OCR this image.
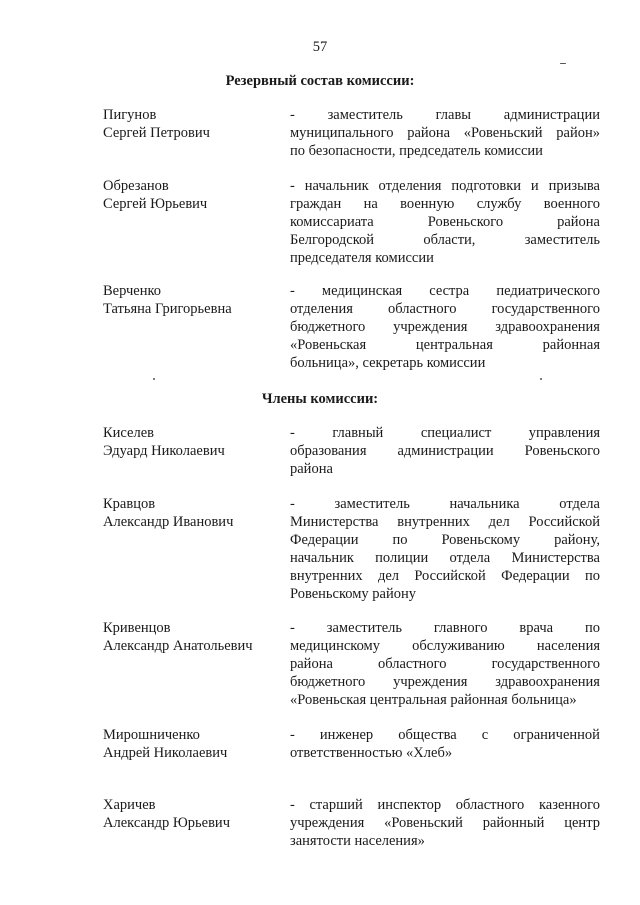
57
Резервный состав комиссии:
Пигунов
Сергей Петрович
- заместитель главы администрации
муниципального района «Ровеньский район»
по безопасности, председатель комиссии
Обрезанов
Сергей Юрьевич
- начальник отделения подготовки и призыва
граждан на военную службу военного
комиссариата	Ровеньского	района
Белгородской	области,	заместитель
председателя комиссии
Верченко
Татьяна Григорьевна
- медицинская сестра педиатрического
отделения областного государственного
бюджетного учреждения здравоохранения
«Ровеньская	центральная	районная
больница», секретарь комиссии
Члены комиссии:
Киселев
Эдуард Николаевич
-	главный	специалист	управления
образования администрации Ровеньского
района
Кравцов
Александр Иванович
-	заместитель	начальника	отдела
Министерства внутренних дел Российской
Федерации по Ровеньскому району,
начальник полиции отдела Министерства
внутренних дел Российской Федерации по
Ровеньскому району
Кривенцов
Александр Анатольевич
- заместитель главного врача по
медицинскому обслуживанию населения
района	областного	государственного
бюджетного учреждения здравоохранения
«Ровеньская центральная районная больница»
Мирошниченко
Андрей Николаевич
- инженер общества с ограниченной
ответственностью «Хлеб»
Харичев
Александр Юрьевич
- старший инспектор областного казенного
учреждения «Ровеньский районный центр
занятости населения»
